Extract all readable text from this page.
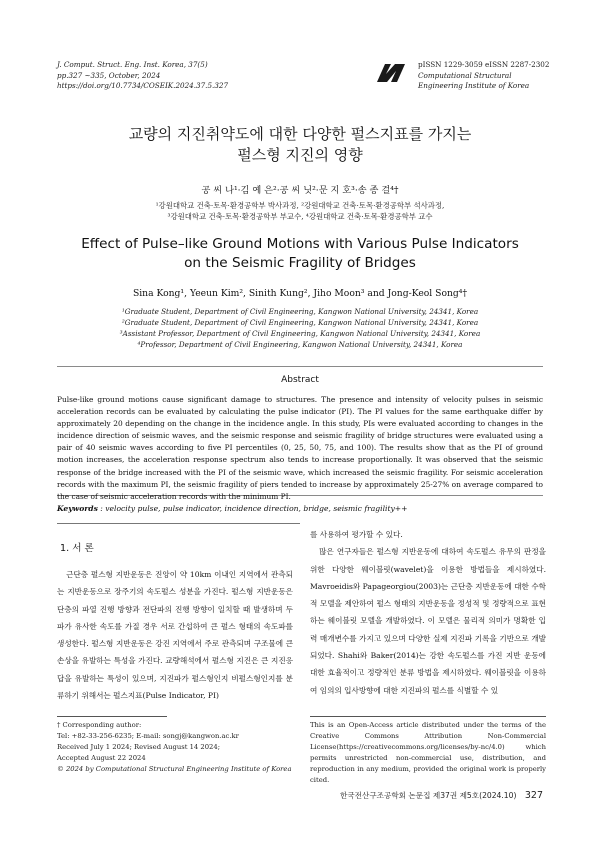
J. Comput. Struct. Eng. Inst. Korea, 37(5)
pp.327 ~335, October, 2024
https://doi.org/10.7734/COSEIK.2024.37.5.327
pISSN 1229-3059 eISSN 2287-2302
Computational Structural
Engineering Institute of Korea
교량의 지진취약도에 대한 다양한 펄스지표를 가지는
펄스형 지진의 영향
공 씨 나¹·김 예 은²·공 씨 닛²·문 지 호³·송 종 걸⁴†
¹강원대학교 건축·토목·환경공학부 박사과정, ²강원대학교 건축·토목·환경공학부 석사과정,
³강원대학교 건축·토목·환경공학부 부교수, ⁴강원대학교 건축·토목·환경공학부 교수
Effect of Pulse–like Ground Motions with Various Pulse Indicators
on the Seismic Fragility of Bridges
Sina Kong¹, Yeeun Kim², Sinith Kung², Jiho Moon³ and Jong-Keol Song⁴†
¹Graduate Student, Department of Civil Engineering, Kangwon National University, 24341, Korea
²Graduate Student, Department of Civil Engineering, Kangwon National University, 24341, Korea
³Assistant Professor, Department of Civil Engineering, Kangwon National University, 24341, Korea
⁴Professor, Department of Civil Engineering, Kangwon National University, 24341, Korea
Abstract
Pulse-like ground motions cause significant damage to structures. The presence and intensity of velocity pulses in seismic acceleration records can be evaluated by calculating the pulse indicator (PI). The PI values for the same earthquake differ by approximately 20 depending on the change in the incidence angle. In this study, PIs were evaluated according to changes in the incidence direction of seismic waves, and the seismic response and seismic fragility of bridge structures were evaluated using a pair of 40 seismic waves according to five PI percentiles (0, 25, 50, 75, and 100). The results show that as the PI of ground motion increases, the acceleration response spectrum also tends to increase proportionally. It was observed that the seismic response of the bridge increased with the PI of the seismic wave, which increased the seismic fragility. For seismic acceleration records with the maximum PI, the seismic fragility of piers tended to increase by approximately 25-27% on average compared to the case of seismic acceleration records with the minimum PI.
Keywords : velocity pulse, pulse indicator, incidence direction, bridge, seismic fragility++
1. 서 론

근단층 펄스형 지반운동은 진앙이 약 10km 이내인 지역에서 관측되는 지반운동으로 장주기의 속도펄스 성분을 가진다. 펄스형 지반운동은 단층의 파열 진행 방향과 전단파의 진행 방향이 일치할 때 발생하며 두 파가 유사한 속도를 가질 경우 서로 간섭하여 큰 펄스 형태의 속도파를 생성한다. 펄스형 지반운동은 강진 지역에서 주로 관측되며 구조물에 큰 손상을 유발하는 특성을 가진다. 교량해석에서 펄스형 지진은 큰 지진응답을 유발하는 특성이 있으며, 지진파가 펄스형인지 비펄스형인지를 분류하기 위해서는 펄스지표(Pulse Indicator, PI)

를 사용하여 평가할 수 있다.

많은 연구자들은 펄스형 지반운동에 대하여 속도펄스 유무의 판정을 위한 다양한 웨이블릿(wavelet)을 이용한 방법들을 제시하였다. Mavroeidis와 Papageorgiou(2003)는 근단층 지반운동에 대한 수학적 모델을 제안하여 펄스 형태의 지반운동을 정성적 및 정량적으로 표현하는 웨이블릿 모델을 개발하였다. 이 모델은 물리적 의미가 명확한 입력 매개변수를 가지고 있으며 다양한 실제 지진파 기록을 기반으로 개발되었다. Shahi와 Baker(2014)는 강한 속도펄스를 가진 지반 운동에 대한 효율적이고 정량적인 분류 방법을 제시하였다. 웨이블릿을 이용하여 임의의 입사방향에 대한 지진파의 펄스를 식별할 수 있

† Corresponding author:
Tel: +82-33-256-6235; E-mail: songj@kangwon.ac.kr
Received July 1 2024; Revised August 14 2024;
Accepted August 22 2024
© 2024 by Computational Structural Engineering Institute of Korea
This is an Open-Access article distributed under the terms of the Creative Commons Attribution Non-Commercial License(https://creativecommons.org/licenses/by-nc/4.0) which permits unrestricted non-commercial use, distribution, and reproduction in any medium, provided the original work is properly cited.
한국전산구조공학회 논문집 제37권 제5호(2024.10) 327
